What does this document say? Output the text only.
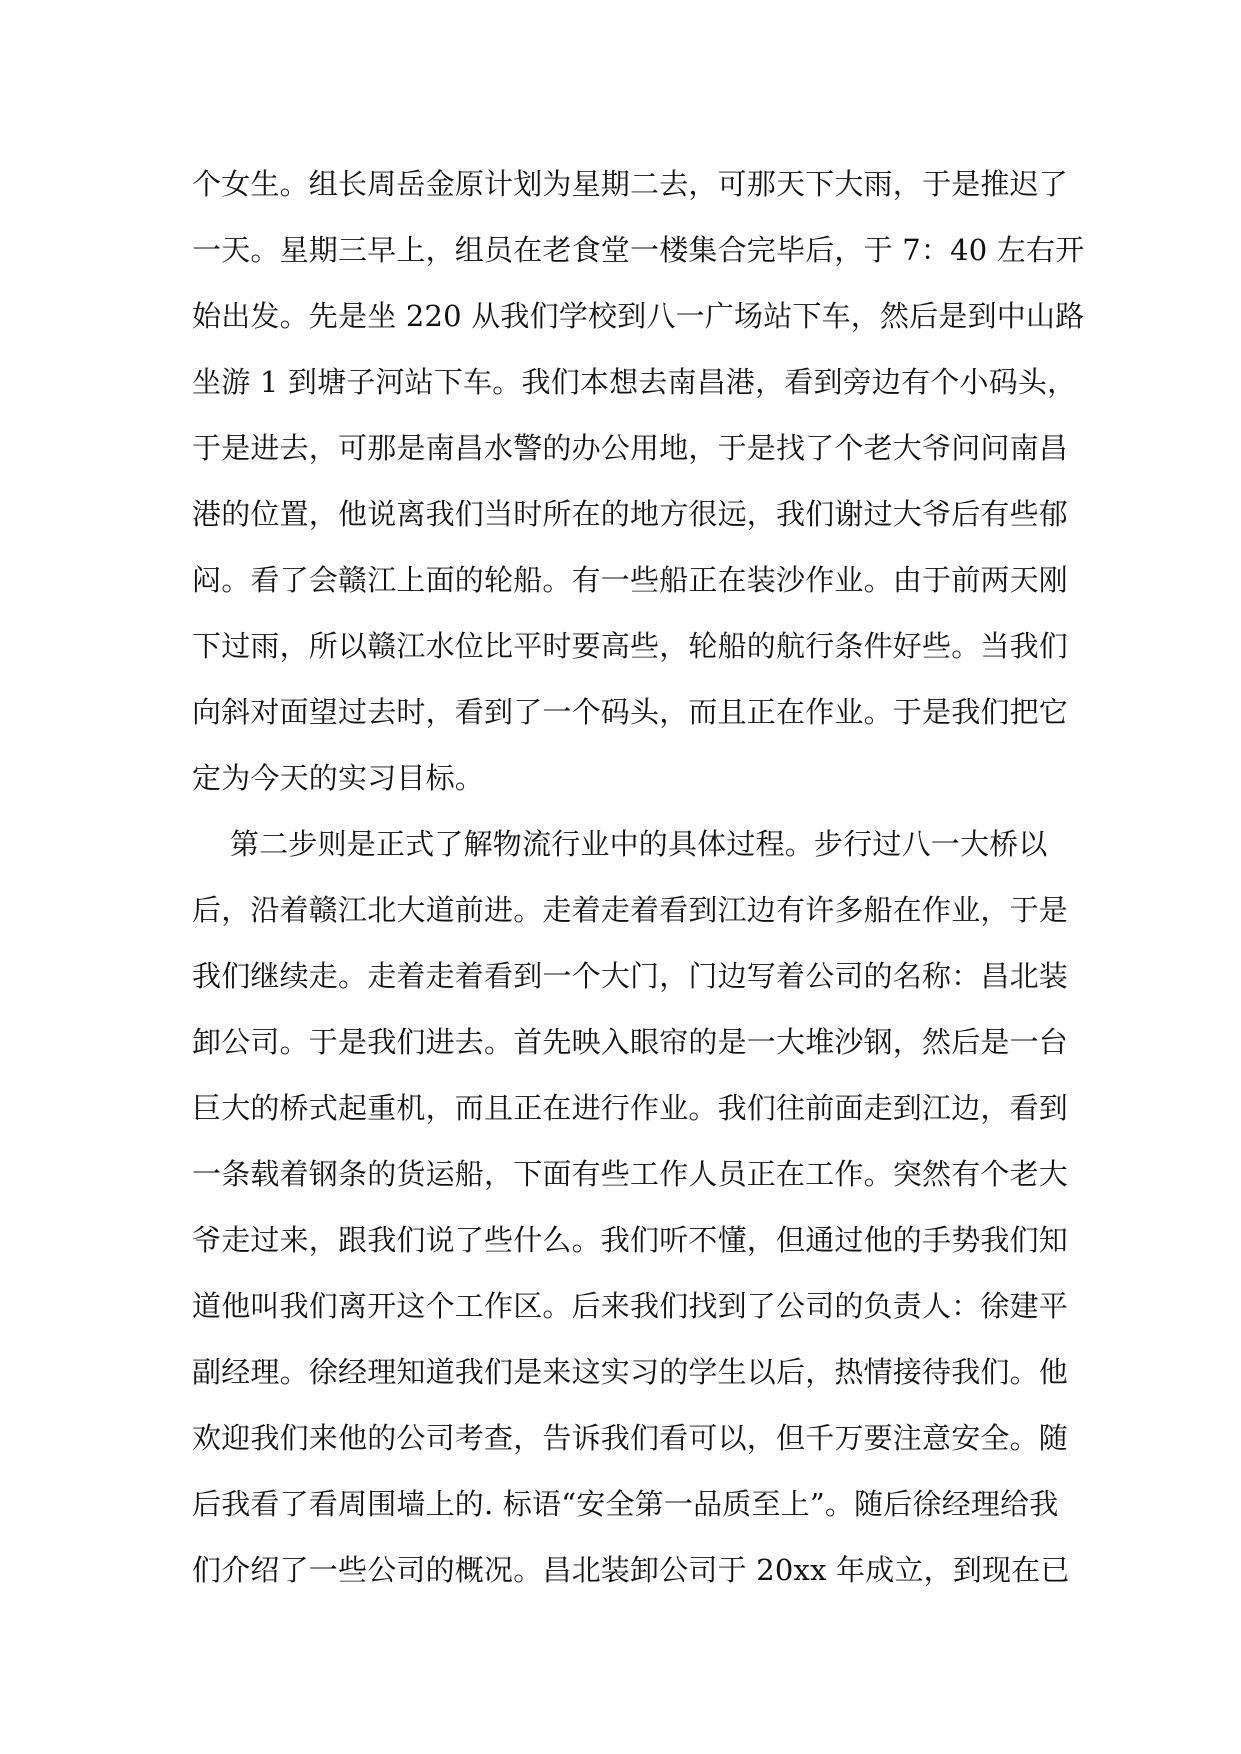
个女生。组长周岳金原计划为星期二去，可那天下大雨，于是推迟了
一天。星期三早上，组员在老食堂一楼集合完毕后，于 7：40 左右开
始出发。先是坐 220 从我们学校到八一广场站下车，然后是到中山路
坐游 1 到塘子河站下车。我们本想去南昌港，看到旁边有个小码头，
于是进去，可那是南昌水警的办公用地，于是找了个老大爷问问南昌
港的位置，他说离我们当时所在的地方很远，我们谢过大爷后有些郁
闷。看了会赣江上面的轮船。有一些船正在装沙作业。由于前两天刚
下过雨，所以赣江水位比平时要高些，轮船的航行条件好些。当我们
向斜对面望过去时，看到了一个码头，而且正在作业。于是我们把它
定为今天的实习目标。
第二步则是正式了解物流行业中的具体过程。步行过八一大桥以
后，沿着赣江北大道前进。走着走着看到江边有许多船在作业，于是
我们继续走。走着走着看到一个大门，门边写着公司的名称：昌北装
卸公司。于是我们进去。首先映入眼帘的是一大堆沙钢，然后是一台
巨大的桥式起重机，而且正在进行作业。我们往前面走到江边，看到
一条载着钢条的货运船，下面有些工作人员正在工作。突然有个老大
爷走过来，跟我们说了些什么。我们听不懂，但通过他的手势我们知
道他叫我们离开这个工作区。后来我们找到了公司的负责人：徐建平
副经理。徐经理知道我们是来这实习的学生以后，热情接待我们。他
欢迎我们来他的公司考查，告诉我们看可以，但千万要注意安全。随
后我看了看周围墙上的. 标语“安全第一品质至上”。随后徐经理给我
们介绍了一些公司的概况。昌北装卸公司于 20xx 年成立，到现在已
